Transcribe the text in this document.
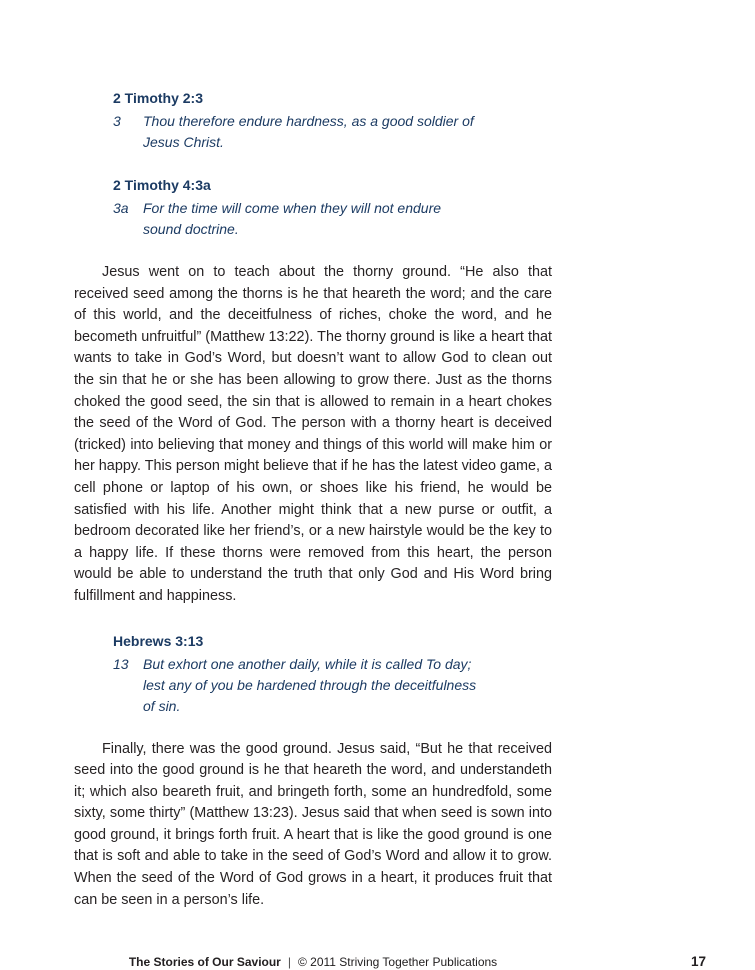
2 Timothy 2:3
3	Thou therefore endure hardness, as a good soldier of Jesus Christ.
2 Timothy 4:3a
3a	For the time will come when they will not endure sound doctrine.

Jesus went on to teach about the thorny ground. “He also that received seed among the thorns is he that heareth the word; and the care of this world, and the deceitfulness of riches, choke the word, and he becometh unfruitful” (Matthew 13:22). The thorny ground is like a heart that wants to take in God’s Word, but doesn’t want to allow God to clean out the sin that he or she has been allowing to grow there. Just as the thorns choked the good seed, the sin that is allowed to remain in a heart chokes the seed of the Word of God. The person with a thorny heart is deceived (tricked) into believing that money and things of this world will make him or her happy. This person might believe that if he has the latest video game, a cell phone or laptop of his own, or shoes like his friend, he would be satisfied with his life. Another might think that a new purse or outfit, a bedroom decorated like her friend’s, or a new hairstyle would be the key to a happy life. If these thorns were removed from this heart, the person would be able to understand the truth that only God and His Word bring fulfillment and happiness.

Hebrews 3:13
13	But exhort one another daily, while it is called To day; lest any of you be hardened through the deceitfulness of sin.

Finally, there was the good ground. Jesus said, “But he that received seed into the good ground is he that heareth the word, and understandeth it; which also beareth fruit, and bringeth forth, some an hundredfold, some sixty, some thirty” (Matthew 13:23). Jesus said that when seed is sown into good ground, it brings forth fruit. A heart that is like the good ground is one that is soft and able to take in the seed of God’s Word and allow it to grow. When the seed of the Word of God grows in a heart, it produces fruit that can be seen in a person’s life.

The Stories of Our Saviour | © 2011 Striving Together Publications	17
